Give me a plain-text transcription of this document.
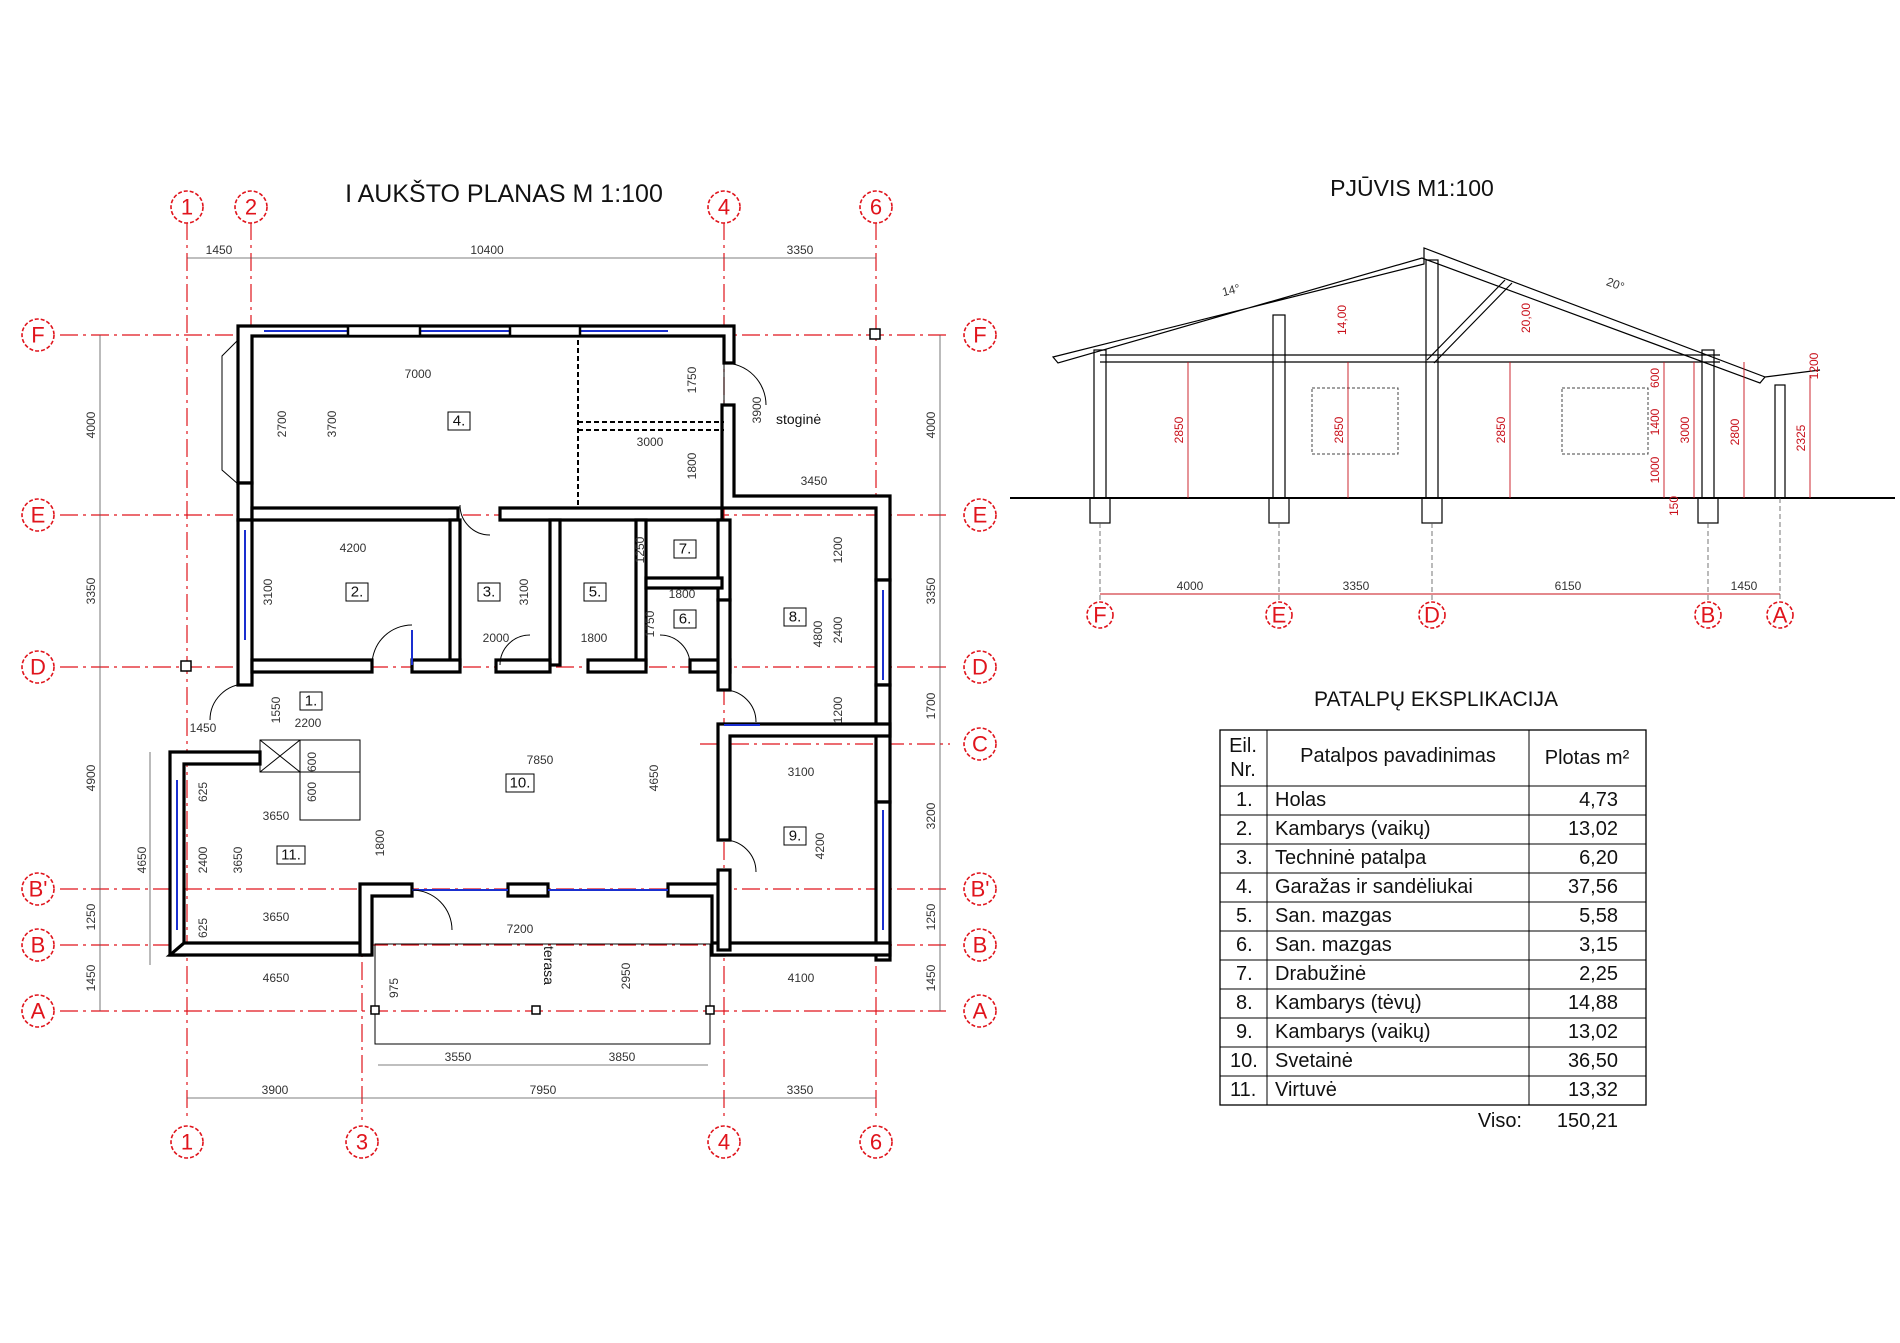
I AUKŠTO PLANAS M 1:100
1 2	4	6
1	3	4	6
F
E
D
B'
B
A
F
E
D
C
B'
B
A
1450	10400	3350
3900	7950	3350
3550	3850
4000
3350
4900
1250
1450
4650
4000
3350
1700
3200
1250
1450
1.
2.	3.
4.
5.
6.
7.
8.
9.
10.
11.
stoginė
terasa
7000
2700	3700
1750
3900
3000
1800
3450
4200
3100
2000
3100
1800
1250
1800
1750
1200
2400
4800
1200
1550 2200
1450
600
600
7850
4650	3100
625
3650
2400 3650
1800	4200
625
3650
7200
2950
975
4650	4100
PJŪVIS M1:100
2850	2850	2850
600
1400
1000
150
3000	2800
1200
2325
14°	20°
14,00	20,00
4000	3350	6150	1450
F	E	D	B	A
PATALPŲ EKSPLIKACIJA
Eil.
Nr.
Patalpos pavadinimas Plotas m²
1. Holas	4,73
2. Kambarys (vaikų)	13,02
3. Techninė patalpa	6,20
4. Garažas ir sandėliukai	37,56
5. San. mazgas	5,58
6. San. mazgas	3,15
7. Drabužinė	2,25
8. Kambarys (tėvų)	14,88
9. Kambarys (vaikų)	13,02
10. Svetainė	36,50
11. Virtuvė	13,32
Viso: 150,21
